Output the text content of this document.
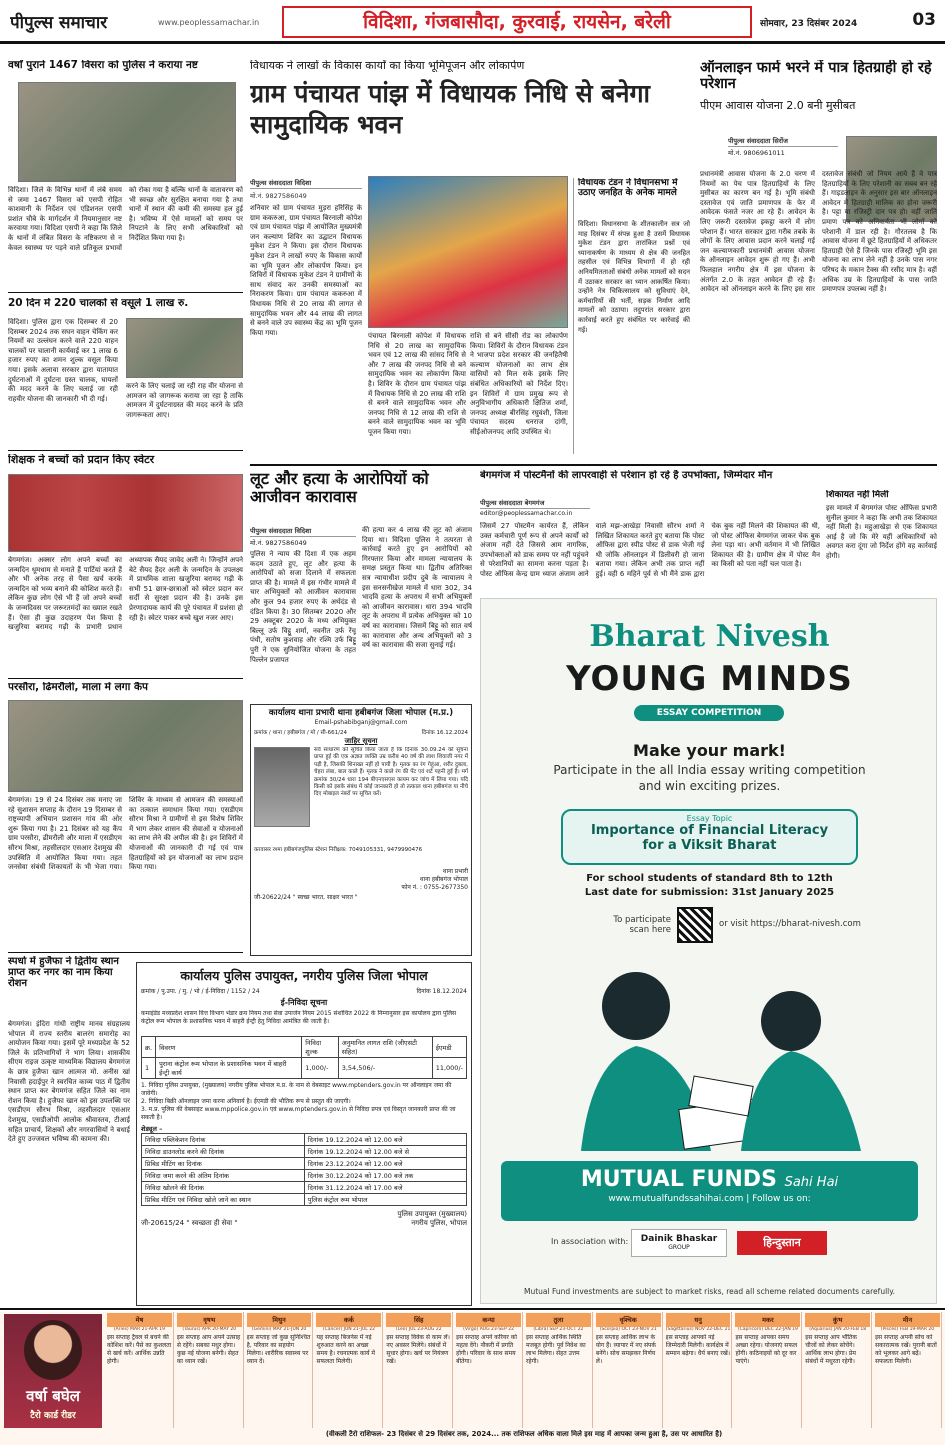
पीपुल्स समाचार	www.peoplessamachar.in	विदिशा, गंजबासौदा, कुरवाई, रायसेन, बरेली	सोमवार, 23 दिसंबर 2024	03
वर्षों पुराने 1467 विसरा को पुलिस ने कराया नष्ट
विदिशा। जिले के विभिन्न थानों में लंबे समय से जमा 1467 विसरा को एसपी रोहित काशवानी के निर्देशन एवं एडिशनल एसपी प्रशांत चौबे के मार्गदर्शन में नियमानुसार नष्ट करवाया गया। विदिशा एसपी ने कहा कि जिले के थानों में लंबित विसरा के नष्टिकरण से न केवल स्वास्थ्य पर पड़ने वाले प्रतिकूल प्रभावों को रोका गया है बल्कि थानों के वातावरण को भी स्वच्छ और सुरक्षित बनाया गया है तथा थानों में स्थान की कमी की समस्या हल हुई है। भविष्य में ऐसे मामलों को समय पर निपटाने के लिए सभी अधिकारियों को निर्देशित किया गया है।
20 दिन में 220 चालकों से वसूले 1 लाख रु.
विदिशा। पुलिस द्वारा एक दिसम्बर से 20 दिसम्बर 2024 तक सघन वाहन चेकिंग कर नियमों का उल्लंघन करने वाले 220 वाहन चालकों पर चालानी कार्यवाई कर 1 लाख 6 हजार रुपए का शमन शुल्क वसूल किया गया। इसके अलावा सरकार द्वारा यातायात दुर्घटनाओं में दुर्घटना ग्रस्त चालक, घायलों की मदद करने के लिए चलाई जा रही राहवीर योजना की जानकारी भी दी गई।
करने के लिए चलाई जा रही राह वीर योजना से आमजन को जागरूक कराया जा रहा है ताकि आमजन में दुर्घटनाग्रस्त की मदद करने के प्रति जागरूकता आए।
शिक्षक ने बच्चों को प्रदान किए स्वेटर
बेगमगंज। अक्सर लोग अपने बच्चों का जन्मदिन धूमधाम से मनाते हैं पार्टियां करते हैं और भी अनेक तरह से पैसा खर्च करके जन्मदिन को भव्य बनाने की कोशिश करते हैं। लेकिन कुछ लोग ऐसे भी हैं जो अपने बच्चों के जन्मदिवस पर जरूरतमंदों का ख्याल रखते हैं। ऐसा ही कुछ उदाहरण पेश किया है खजुरिया बरामद गढ़ी के प्रभारी प्रधान अध्यापक सैयद जावेद अली ने। जिन्होंने अपने बेटे सैयद हैदर अली के जन्मदिन के उपलक्ष्य में प्राथमिक शाला खजुरिया बरामद गढ़ी के सभी 51 छात्र-छात्राओं को स्वेटर प्रदान कर सर्दी से सुरक्षा प्रदान की है। उनके इस प्रेरणादायक कार्य की पूरे पंचायत में प्रशंसा हो रही है। स्वेटर पाकर बच्चे खुश नजर आए।
परसौरा, ढिमरौली, माला में लगा कैंप
बेगमगंज। 19 से 24 दिसंबर तक मनाए जा रहे सुशासन सप्ताह के दौरान 19 दिसम्बर से राष्ट्रव्यापी अभियान प्रशासन गांव की ओर शुरू किया गया है। 21 दिसंबर को यह कैंप ग्राम परसौरा, ढीमरौली और माला में एसडीएम सौरभ मिश्रा, तहसीलदार एसआर देशमुख की उपस्थिति में आयोजित किया गया। तहत जनसेवा संबंधी शिकायतों के भी भेजा गया। शिविर के माध्यम से आमजन की समस्याओं का तत्काल समाधान किया गया। एसडीएम सौरभ मिश्रा ने ग्रामीणों से इस विशेष शिविर में भाग लेकर शासन की सेवाओं व योजनाओं का लाभ लेने की अपील की है। इन शिविरों में योजनाओं की जानकारी दी गई एवं पात्र हितग्राहियों को इन योजनाओं का लाभ प्रदान किया गया।
स्पर्धा में हुजैफा ने द्वितीय स्थान प्राप्त कर नगर का नाम किया रोशन
बेगमगंज। इंदिरा गांधी राष्ट्रीय मानव संग्रहालय भोपाल में राज्य स्तरीय बालरंग समारोह का आयोजन किया गया। इसमें पूरे मध्यप्रदेश के 52 जिले के प्रतिभागियों ने भाग लिया। शासकीय सीएम राइज उत्कृष्ट माध्यमिक विद्यालय बेगमगंज के छात्र हुजैफा खान आत्मज मो. अनीस खां निवासी हदाईपुर ने स्वरचित काव्य पाठ में द्वितीय स्थान प्राप्त कर बेगमगंज सहित जिले का नाम रोशन किया है। हुजैफा खान को इस उपलब्धि पर एसडीएम सौरभ मिश्रा, तहसीलदार एसआर देशमुख, एसडीओपी आलोक श्रीवास्तव, टीआई सहित प्राचार्य, शिक्षकों और नगरवासियों ने बधाई देते हुए उज्जवल भविष्य की कामना की।
विधायक ने लाखों के विकास कार्यों का किया भूमिपूजन और लोकार्पण
ग्राम पंचायत पांझ में विधायक निधि से बनेगा सामुदायिक भवन
पीपुल्स संवाददाता विदिशा
मो.नं. 9827586049
शनिवार को ग्राम पंचायत मुड़रा हरिसिंह के ग्राम ककरुआ, ग्राम पंचायत बिरनाली कोपेश एवं ग्राम पंचायत पांझ में आयोजित मुख्यमंत्री जन कल्याण शिविर का उद्घाटन विधायक मुकेश टंडन ने किया। इस दौरान विधायक मुकेश टंडन ने लाखों रुपए के विकास कार्यों का भूमि पूजन और लोकार्पण किया। इन शिविरों में विधायक मुकेश टंडन ने ग्रामीणों के साथ संवाद कर उनकी समस्याओं का निराकरण किया। ग्राम पंचायत ककरुआ में विधायक निधि से 20 लाख की लागत से सामुदायिक भवन और 44 लाख की लागत से बनने वाले उप स्वास्थ्य केंद्र का भूमि पूजन किया गया।	पंचायत बिरनाली कोपेश में विधायक निधि से 20 लाख का सामुदायिक भवन एवं 12 लाख की सांसद निधि से और 7 लाख की जनपद निधि से बने सामुदायिक भवन का लोकार्पण किया है। शिविर के दौरान ग्राम पंचायत पांझ में विधायक निधि से 20 लाख की राशि से बनने वाले सामुदायिक भवन और जनपद निधि से 12 लाख की राशि से बनने वाले सामुदायिक भवन का भूमि पूजन किया गया।
राशि से बने सीसी रोड का लोकार्पण किया। शिविरों के दौरान विधायक टंडन ने भाजपा प्रदेश सरकार की जनहितैषी कल्याण योजनाओं का लाभ क्षेत्र वासियों को मिल सके इसके लिए संबंधित अधिकारियों को निर्देश दिए। इन शिविरों में ग्राम प्रमुख रूप से अनुविभागीय अधिकारी क्षितिज शर्मा, जनपद अध्यक्ष बीरसिंह रघुवंशी, जिला पंचायत सदस्य धनराज दांगी, सीईओजनपद आदि उपस्थित थे।
विधायक टंडन ने विधानसभा में उठाए जनहित के अनेक मामले
विदिशा। विधानसभा के शीतकालीन सत्र जो माह दिसंबर में संपन्न हुआ है उसमें विधायक मुकेश टंडन द्वारा तारांकित प्रश्नों एवं ध्यानाकर्षण के माध्यम से क्षेत्र की जनहित तहसील एवं विभिन्न विभागों में हो रही अनियमितताओं संबंधी अनेक मामलों को सदन में उठाकर सरकार का ध्यान आकर्षित किया। उन्होंने नेत्र चिकित्सालय को सुविधाएं देने, कर्मचारियों की भर्ती, सड़क निर्माण आदि मामलों को उठाया। तदुपरांत सरकार द्वारा कार्रवाई करते हुए संबंधित पर कार्रवाई की गई।
ऑनलाइन फार्म भरने में पात्र हितग्राही हो रहे परेशान
पीएम आवास योजना 2.0 बनी मुसीबत
पीपुल्स संवाददाता सिरोंज
मो.नं. 9806961011
प्रधानमंत्री आवास योजना के 2.0 चरण में नियमों का पेच पात्र हितग्राहियों के लिए मुसीबत का कारण बन गई है। भूमि संबंधी दस्तावेज एवं जाति प्रमाणपत्र के फेर में आवेदक फंसते नजर आ रहे हैं। आवेदन के लिए जरूरी दस्तावेज इकट्ठा करने में लोग परेशान हैं। भारत सरकार द्वारा गरीब तबके के लोगों के लिए आवास प्रदान करने चलाई गई जन कल्याणकारी प्रधानमंत्री आवास योजना के ऑनलाइन आवेदन शुरू हो गए हैं। अभी फिलहाल नगरीय क्षेत्र में इस योजना के अंतर्गत 2.0 के तहत आवेदन ही रहे हैं। आवेदन को ऑनलाइन करने के लिए इस सार दस्तावेज संबंधी जो नियम आये हैं वे पात्र हितग्राहियों के लिए परेशानी का सबब बन रहे हैं। गाइडलाइन के अनुसार इस बार ऑनलाइन आवेदन में हितग्राही मालिक का होना जरूरी है। पट्टा या रजिस्ट्री दान पत्र हो। वहीं जाति प्रमाण पत्र को अनिवार्यता भी लोगों को परेशानी में डाल रही है। गौरतलब है कि आवास योजना में छूटे हितग्राहियों में अधिकतर हितग्राही ऐसे हैं जिनके पास रजिस्ट्री भूमि इस योजना का लाभ लेने नहीं है उनके पास नगर परिषद के मकान टैक्स की रसीद मात्र है। वहीं अधिक उम्र के हितग्राहियों के पास जाति प्रमाणपत्र उपलब्ध नहीं है।
लूट और हत्या के आरोपियों को आजीवन कारावास
पीपुल्स संवाददाता विदिशा
मो.नं. 9827586049
पुलिस ने न्याय की दिशा में एक अहम कदम उठाते हुए, लूट और हत्या के आरोपियों को सजा दिलाने में सफलता प्राप्त की है। मामले में इस गंभीर मामले में चार अभियुक्तों को आजीवन कारावास और कुल 94 हजार रुपए के अर्थदंड से दंडित किया है। 30 सितम्बर 2020 और 29 अक्टूबर 2020 के मध्य अभियुक्त बिल्लू उर्फ विट्ठू शर्मा, नवनीत उर्फ रेंचू पंथी, सतोष कुशवाह और रश्मि उर्फ बिट्टू पुरी ने एक सुनियोजित योजना के तहत पिल्लेन प्रजापत
की हत्या कर 4 लाख की लूट को अंजाम दिया था। विदिशा पुलिस ने तत्परता से कार्रवाई करते हुए इन आरोपियों को गिरफ्तार किया और मामला न्यायालय के समक्ष प्रस्तुत किया था। द्वितीय अतिरिक्त सत्र न्यायाधीश प्रदीप दुबे के न्यायालय ने इस सनसनीखेज मामले में धारा 302, 34 भादवि हत्या के अपराध में सभी अभियुक्तों को आजीवन कारावास। धारा 394 भादवि लूट के अपराध में प्रत्येक अभियुक्त को 10 वर्ष का कारावास। जिसमें बिट्टू को सात वर्ष का कारावास और अन्य अभियुक्तों को 3 वर्ष का कारावास की सजा सुनाई गई।
बेगमगंज में पोस्टमैनों की लापरवाही से परेशान हो रहे है उपभोक्ता, जिम्मेदार मौन
पीपुल्स संवाददाता बेगमगंज
editor@peoplessamachar.co.in
जिसमें 27 पोस्टमैन कार्यरत हैं, लेकिन उक्त कर्मचारी पूर्ण रूप से अपने कार्यों को अंजाम नहीं देते जिससे आम नागरिक, उपभोक्ताओं को डाक समय पर नहीं पहुंचने से परेशानियों का सामना करना पड़ता है। पोस्ट ऑफिस केन्द्र ग्राम ध्याज अंजाम आने वाले मझ-आखेड़ा निवासी सौरभ शर्मा ने लिखित शिकायत करते हुए बताया कि पोस्ट ऑफिस द्वारा स्पीड पोस्ट से डाक भेजी गई थी जोकि ऑनलाइन में डिलीवरी हो जाना बताया गया। लेकिन अभी तक प्राप्त नहीं हुई। वही 6 महिने पूर्व से भी मैंने डाक द्वारा चेक बुक नहीं मिलने की शिकायत की थी, जो पोस्ट ऑफिस बेगमगंज जाकर चेक बुक लेना पड़ा था। अभी वर्तमान में भी लिखित शिकायत की है। ग्रामीण क्षेत्र में पोस्ट मैन का किसी को पता नहीं चल पाता है।
शिकायत नहीं मिली
इस मामले में बेगमगंज पोस्ट ऑफिस प्रभारी सुनील कुमार ने कहा कि अभी तक शिकायत नहीं मिली है। महुआखेड़ा से एक शिकायत आई है जो कि मेरे यहीं अधिकारियों को अवगत करा दूंगा जो निर्देश होंगे वह कार्रवाई होगी।
कार्यालय थाना प्रभारी थाना हबीबगंज जिला भोपाल (म.प्र.)
Email-pshabibganj@gmail.com
क्रमांक / थाना / हबीबगंज / मो / सी-661/24	दिनांक 16.12.2024
जाहिर सूचना
सर्व साधारण को सूचित किया जाता है कि दिनांक 30.09.24 को सूचना प्राप्त हुई की एक अज्ञात व्यक्ति उम्र करीब 40 वर्ष की लाश शिवाजी नगर में पड़ी है, जिसकी शिनाख्त नहीं हो पायी है। मृतक का रंग गेहुंआ, शरीर दुबला, चेहरा लंबा, बाल काले हैं। मृतक ने काले रंग की पेंट एवं शर्ट पहनी हुई है। मर्ग क्रमांक 30/24 धारा 194 बीएनएसएस कायम कर जांच में लिया गया। यदि किसी को इसके संबंध में कोई जानकारी हो तो तत्काल थाना हबीबगंज या नीचे दिए मोबाइल नंबरों पर सूचित करें।
करवासर रश्मा हबीबगंजपुलिस स्टेशन निरीक्षक: 7049105331, 9479990476
थाना प्रभारी
थाना हबीबगंज भोपाल
फोन नं. : 0755-2677350
जी-20622/24 " स्वच्छ भारत, साक्षर भारत "
कार्यालय पुलिस उपायुक्त, नगरीय पुलिस जिला भोपाल
क्रमांक / पु.उपा. / मु. / भो / ई-निविदा / 1152 / 24	दिनांक 18.12.2024
ई-निविदा सूचना
कमाइंडेड मध्यप्रदेश शासन वित्त विभाग भंडार क्रय नियम तथा सेवा उपार्जन नियम 2015 संशोधित 2022 के निम्नानुसार इस कार्यालय द्वारा पुलिस कंट्रोल रूम भोपाल के प्रशासनिक भवन में बाहरी ईन्ट्री हेतु निविदा आमंत्रित की जाती है।
क्र.	विवरण	निविदा शुल्क	अनुमानित लागत राशि (जीएसटी सहित)	ईएमडी
1	पुराना कंट्रोल रूम भोपाल के प्रशासनिक भवन में बाहरी ईन्ट्री कार्य	1,000/-	3,54,506/-	11,000/-
1. निविदा पुलिस उपायुक्त, (मुख्यालय) नगरीय पुलिस भोपाल म.प्र. के नाम से वेबसाइट www.mptenders.gov.in पर ऑनलाइन जमा की जावेगी।
2. निविदा बिक्री ऑनलाइन जमा करना अनिवार्य है। ईएमडी की भौतिक रूप से प्रस्तुत की जाएगी।
3. म.प्र. पुलिस की वेबसाइट www.mppolice.gov.in एवं www.mptenders.gov.in से निविदा प्रपत्र एवं विस्तृत जानकारी प्राप्त की जा सकती है।
शेड्यूल –
निविदा पब्लिकेशन दिनांक	दिनांक 19.12.2024 को 12.00 बजे
निविदा डाउनलोड करने की दिनांक	दिनांक 19.12.2024 को 12.00 बजे से
प्रिबिड मीटिंग का दिनांक	दिनांक 23.12.2024 को 12.00 बजे
निविदा जमा करने की अंतिम दिनांक	दिनांक 30.12.2024 को 17.00 बजे तक
निविदा खोलने की दिनांक	दिनांक 31.12.2024 को 17.00 बजे
प्रिबिड मीटिंग एवं निविदा खोले जाने का स्थान	पुलिस कंट्रोल रूम भोपाल
पुलिस उपायुक्त (मुख्यालय)
जी-20615/24 " स्वच्छता ही सेवा "	नगरीय पुलिस, भोपाल
Bharat Nivesh
YOUNG MINDS
ESSAY COMPETITION
Make your mark!
Participate in the all India essay writing competition
and win exciting prizes.
Essay Topic
Importance of Financial Literacy
for a Viksit Bharat
For school students of standard 8th to 12th
Last date for submission: 31st January 2025
To participate scan here
or visit https://bharat-nivesh.com
MUTUAL FUNDS Sahi Hai
www.mutualfundssahihai.com | Follow us on:
In association with:	Dainik Bhaskar
GROUP	हिन्दुस्तान
Mutual Fund investments are subject to market risks, read all scheme related documents carefully.
वर्षा बघेल
टैरो कार्ड रीडर
मेष
(Aries) MAR 21-APR 19
इस सप्ताह ट्रैवल से बचने की कोशिश करें। पैसे का कुशलता से खर्च करें। आर्थिक उन्नति होगी।
वृषभ
(Taurus) APR 20-MAY 20
इस सप्ताह आप अपने उत्साह से रहेंगे। सबका मधुर होगा। कुछ नई योजना बनेगी। सेहत का ध्यान रखें।
मिथुन
(Gemini) MAY 21-JUN 20
इस सप्ताह जो कुछ सुनिश्चित है, परिवार का सहयोग मिलेगा। शारीरिक स्वास्थ्य पर ध्यान दें।
कर्क
(Cancer) JUN 21-JUL 22
यह सप्ताह बिजनेस में नई शुरुआत करने का अच्छा समय है। रचनात्मक कार्य में सफलता मिलेगी।
सिंह
(Leo) JUL 23-AUG 22
इस सप्ताह विवेक से काम लें। नए अवसर मिलेंगे। संबंधों में सुधार होगा। खर्च पर नियंत्रण रखें।
कन्या
(Virgo) AUG 23-SEP 22
इस सप्ताह अपने करियर को महत्व देंगे। नौकरी में प्रगति होगी। परिवार के साथ समय बीतेगा।
तुला
(Libra) SEP 23-OCT 22
इस सप्ताह आर्थिक स्थिति मजबूत होगी। पूर्व निवेश का लाभ मिलेगा। सेहत उत्तम रहेगी।
वृश्चिक
(Scorpio) OCT 23-NOV 21
इस सप्ताह आर्थिक लाभ के योग हैं। व्यापार में नए संपर्क बनेंगे। सोच समझकर निर्णय लें।
धनु
(Sagittarius) NOV 22-DEC 21
इस सप्ताह आपको नई जिम्मेदारी मिलेगी। कार्यक्षेत्र में सम्मान बढ़ेगा। धैर्य बनाए रखें।
मकर
(Capricorn) DEC 22-JAN 19
इस सप्ताह आपका समय अच्छा रहेगा। योजनाएं सफल होंगी। कठिनाइयों को दूर कर पाएंगे।
कुंभ
(Aquarius) JAN 20-FEB 18
इस सप्ताह आप भौतिक चीजों को लेकर सोचेंगे। आर्थिक लाभ होगा। प्रेम संबंधों में मधुरता रहेगी।
मीन
(Pisces) FEB 19-MAR 20
इस सप्ताह अपनी सोच को सकारात्मक रखें। पुरानी बातों को भूलकर आगे बढ़ें। सफलता मिलेगी।
(वीकली टैरो राशिफल- 23 दिसंबर से 29 दिसंबर तक, 2024... तक राशिफल अधिक वाला मिले इस माह में आपका जन्म हुआ है, उस पर आधारित है)
